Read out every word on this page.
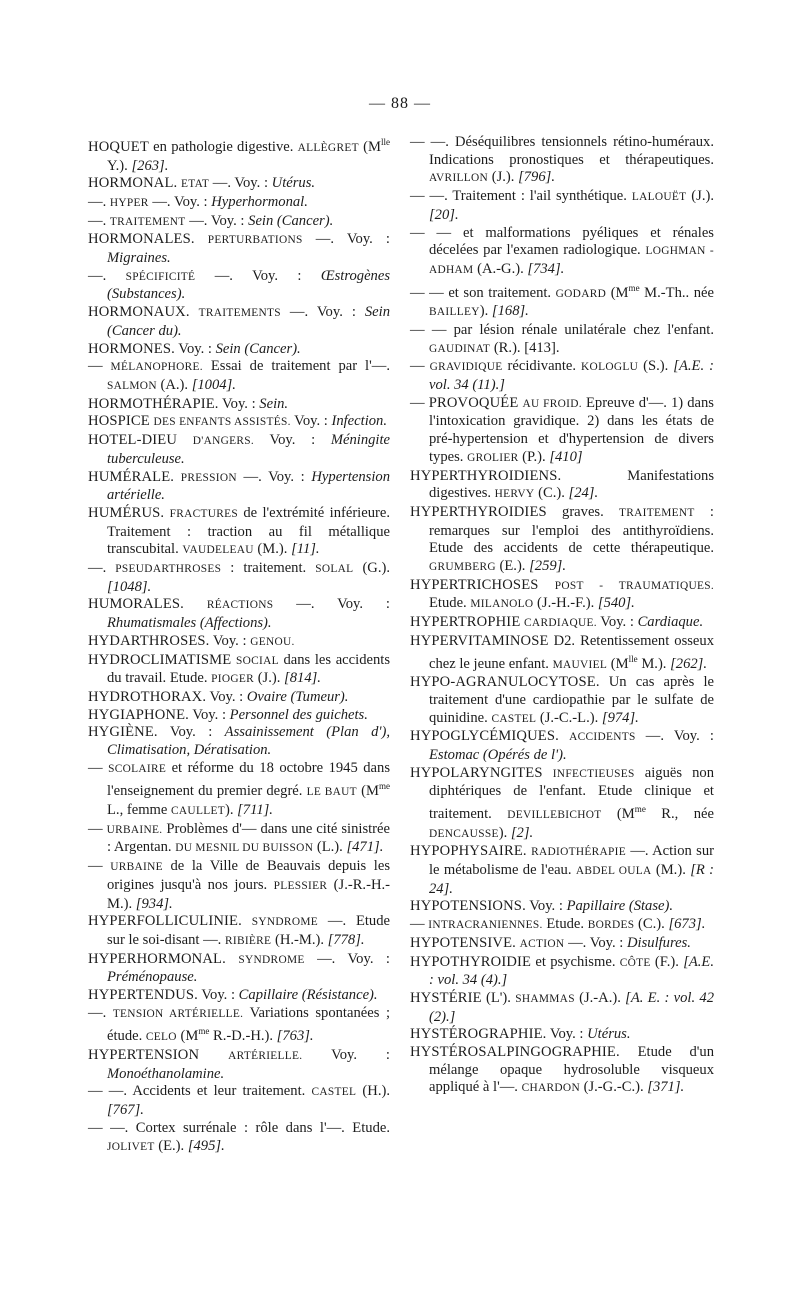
— 88 —
HOQUET en pathologie digestive. ALLÈGRET ($M^{lle}$ Y.). [263].
HORMONAL. ETAT —. Voy. : Utérus.
—. HYPER —. Voy. : Hyperhormonal.
—. TRAITEMENT —. Voy. : Sein (Cancer).
HORMONALES. PERTURBATIONS —. Voy. : Migraines.
—. SPÉCIFICITÉ —. Voy. : Œstrogènes (Substances).
HORMONAUX. TRAITEMENTS —. Voy. : Sein (Cancer du).
HORMONES. Voy. : Sein (Cancer).
— MÉLANOPHORE. Essai de traitement par l'—. SALMON (A.). [1004].
HORMOTHÉRAPIE. Voy. : Sein.
HOSPICE DES ENFANTS ASSISTÉS. Voy. : Infection.
HOTEL-DIEU D'ANGERS. Voy. : Méningite tuberculeuse.
HUMÉRALE. PRESSION —. Voy. : Hypertension artérielle.
HUMÉRUS. FRACTURES de l'extrémité inférieure. Traitement : traction au fil métallique transcubital. VAUDELEAU (M.). [11].
—. PSEUDARTHROSES : traitement. SOLAL (G.). [1048].
HUMORALES. RÉACTIONS —. Voy. : Rhumatismales (Affections).
HYDARTHROSES. Voy. : GENOU.
HYDROCLIMATISME SOCIAL dans les accidents du travail. Etude. PIOGER (J.). [814].
HYDROTHORAX. Voy. : Ovaire (Tumeur).
HYGIAPHONE. Voy. : Personnel des guichets.
HYGIÈNE. Voy. : Assainissement (Plan d'), Climatisation, Dératisation.
— SCOLAIRE et réforme du 18 octobre 1945 dans l'enseignement du premier degré. LE BAUT ($M^{me}$ L., femme CAULLET). [711].
— URBAINE. Problèmes d'— dans une cité sinistrée : Argentan. DU MESNIL DU BUISSON (L.). [471].
— URBAINE de la Ville de Beauvais depuis les origines jusqu'à nos jours. PLESSIER (J.-R.-H.-M.). [934].
HYPERFOLLICULINIE. SYNDROME —. Etude sur le soi-disant —. RIBIÈRE (H.-M.). [778].
HYPERHORMONAL. SYNDROME —. Voy. : Préménopause.
HYPERTENDUS. Voy. : Capillaire (Résistance).
—. TENSION ARTÉRIELLE. Variations spontanées ; étude. CELO ($M^{me}$ R.-D.-H.). [763].
HYPERTENSION	ARTÉRIELLE. Voy. : Monoéthanolamine.
— —. Accidents et leur traitement. CASTEL (H.). [767].
— —. Cortex surrénale : rôle dans l'—. Etude. JOLIVET (E.). [495].
— —. Déséquilibres tensionnels rétino-huméraux. Indications pronostiques et thérapeutiques. AVRILLON (J.). [796].
— —. Traitement : l'ail synthétique. LALOUËT (J.). [20].
— — et malformations pyéliques et rénales décelées par l'examen radiologique. LOGHMAN - ADHAM (A.-G.). [734].
— — et son traitement. GODARD ($M^{me}$ M.-Th.. née BAILLEY). [168].
— — par lésion rénale unilatérale chez l'enfant. GAUDINAT (R.). [413].
— GRAVIDIQUE récidivante. KOLOGLU (S.). [A.E. : vol. 34 (11).]
— PROVOQUÉE AU FROID. Epreuve d'—. 1) dans l'intoxication gravidique. 2) dans les états de pré-hypertension et d'hypertension de divers types. GROLIER (P.). [410]
HYPERTHYROIDIENS. Manifestations digestives. HERVY (C.). [24].
HYPERTHYROIDIES graves. TRAITEMENT : remarques sur l'emploi des antithyroïdiens. Etude des accidents de cette thérapeutique. GRUMBERG (E.). [259].
HYPERTRICHOSES POST - TRAUMATIQUES. Etude. MILANOLO (J.-H.-F.). [540].
HYPERTROPHIE CARDIAQUE. Voy. : Cardiaque.
HYPERVITAMINOSE D2. Retentissement osseux chez le jeune enfant. MAUVIEL ($M^{lle}$ M.). [262].
HYPO-AGRANULOCYTOSE. Un cas après le traitement d'une cardiopathie par le sulfate de quinidine. CASTEL (J.-C.-L.). [974].
HYPOGLYCÉMIQUES. ACCIDENTS —. Voy. : Estomac (Opérés de l').
HYPOLARYNGITES INFECTIEUSES aiguës non diphtériques de l'enfant. Etude clinique et traitement. DEVILLEBICHOT ($M^{me}$ R., née DENCAUSSE). [2].
HYPOPHYSAIRE. RADIOTHÉRAPIE —. Action sur le métabolisme de l'eau. ABDEL OULA (M.). [R : 24].
HYPOTENSIONS. Voy. : Papillaire (Stase).
— INTRACRANIENNES. Etude. BORDES (C.). [673].
HYPOTENSIVE. ACTION —. Voy. : Disulfures.
HYPOTHYROIDIE et psychisme. CÔTE (F.). [A.E. : vol. 34 (4).]
HYSTÉRIE (L'). SHAMMAS (J.-A.). [A. E. : vol. 42 (2).]
HYSTÉROGRAPHIE. Voy. : Utérus.
HYSTÉROSALPINGOGRAPHIE. Etude d'un mélange opaque hydrosoluble visqueux appliqué à l'—. CHARDON (J.-G.-C.). [371].
